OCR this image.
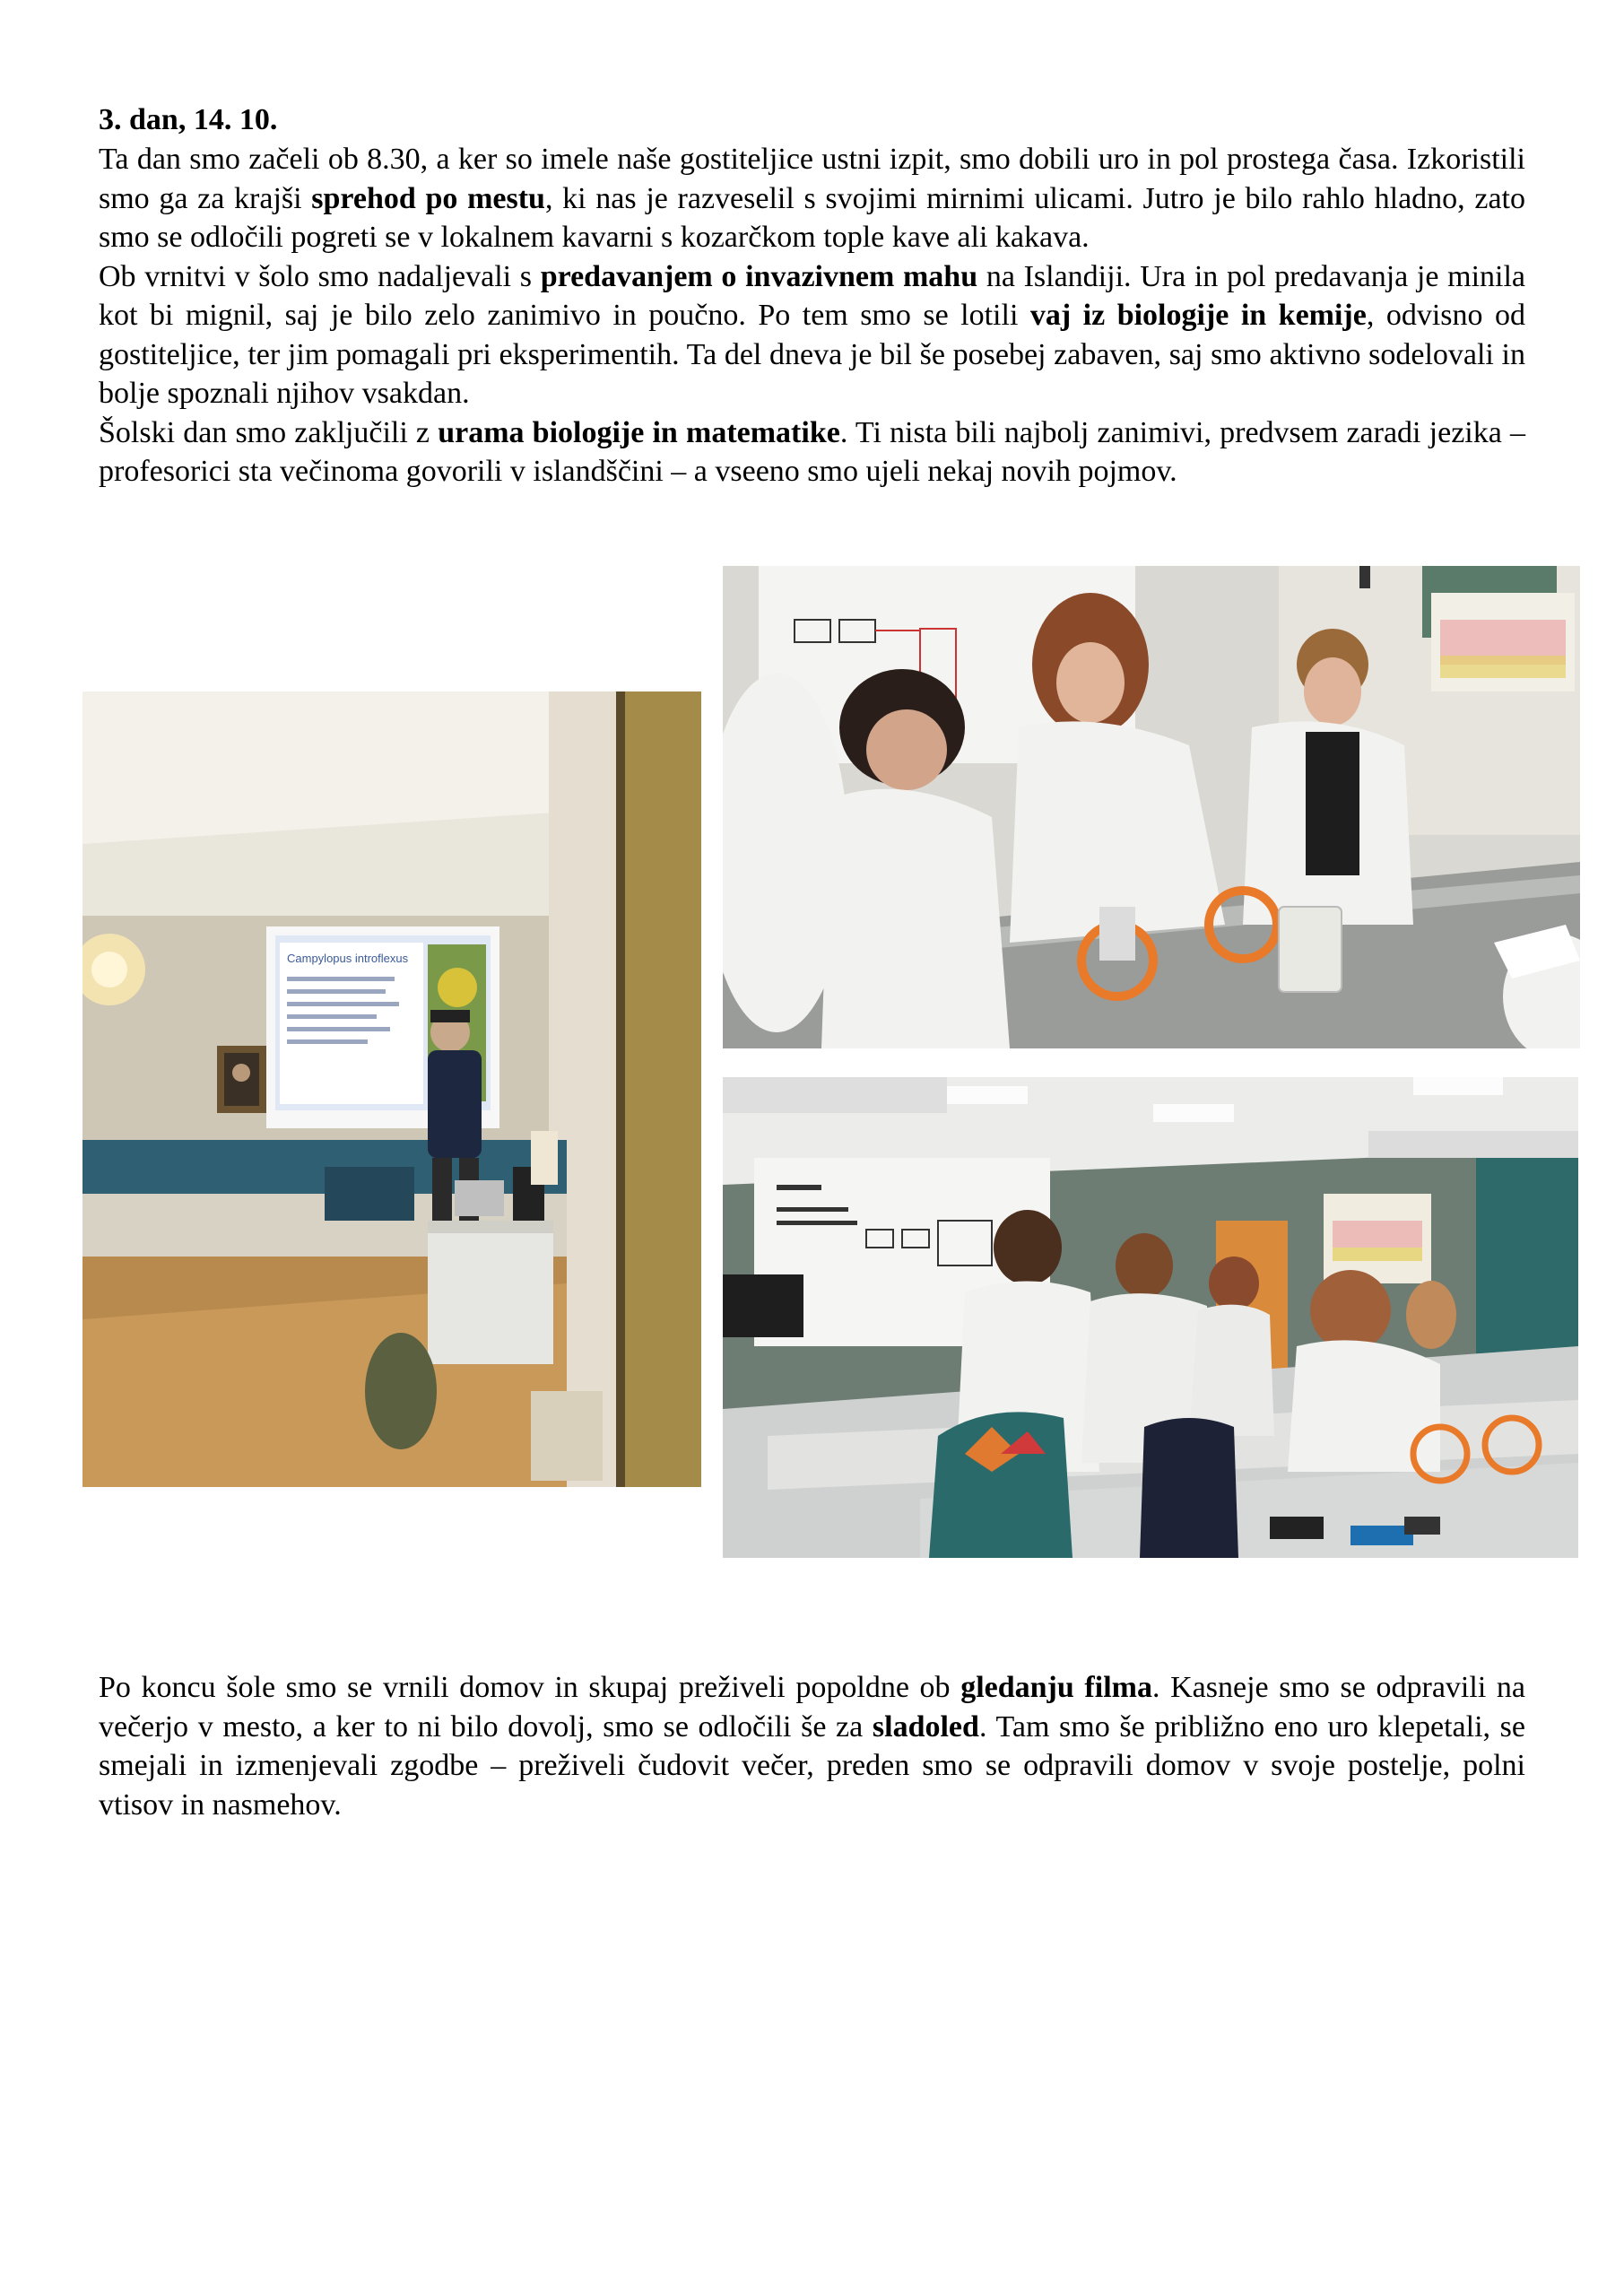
3. dan, 14. 10.

Ta dan smo začeli ob 8.30, a ker so imele naše gostiteljice ustni izpit, smo dobili uro in pol prostega časa. Izkoristili smo ga za krajši sprehod po mestu, ki nas je razveselil s svojimi mirnimi ulicami. Jutro je bilo rahlo hladno, zato smo se odločili pogreti se v lokalnem kavarni s kozarčkom tople kave ali kakava.

Ob vrnitvi v šolo smo nadaljevali s predavanjem o invazivnem mahu na Islandiji. Ura in pol predavanja je minila kot bi mignil, saj je bilo zelo zanimivo in poučno. Po tem smo se lotili vaj iz biologije in kemije, odvisno od gostiteljice, ter jim pomagali pri eksperimentih. Ta del dneva je bil še posebej zabaven, saj smo aktivno sodelovali in bolje spoznali njihov vsakdan.

Šolski dan smo zaključili z urama biologije in matematike. Ti nista bili najbolj zanimivi, predvsem zaradi jezika – profesorici sta večinoma govorili v islandščini – a vseeno smo ujeli nekaj novih pojmov.

Campylopus introflexus

Po koncu šole smo se vrnili domov in skupaj preživeli popoldne ob gledanju filma. Kasneje smo se odpravili na večerjo v mesto, a ker to ni bilo dovolj, smo se odločili še za sladoled. Tam smo še približno eno uro klepetali, se smejali in izmenjevali zgodbe – preživeli čudovit večer, preden smo se odpravili domov v svoje postelje, polni vtisov in nasmehov.
